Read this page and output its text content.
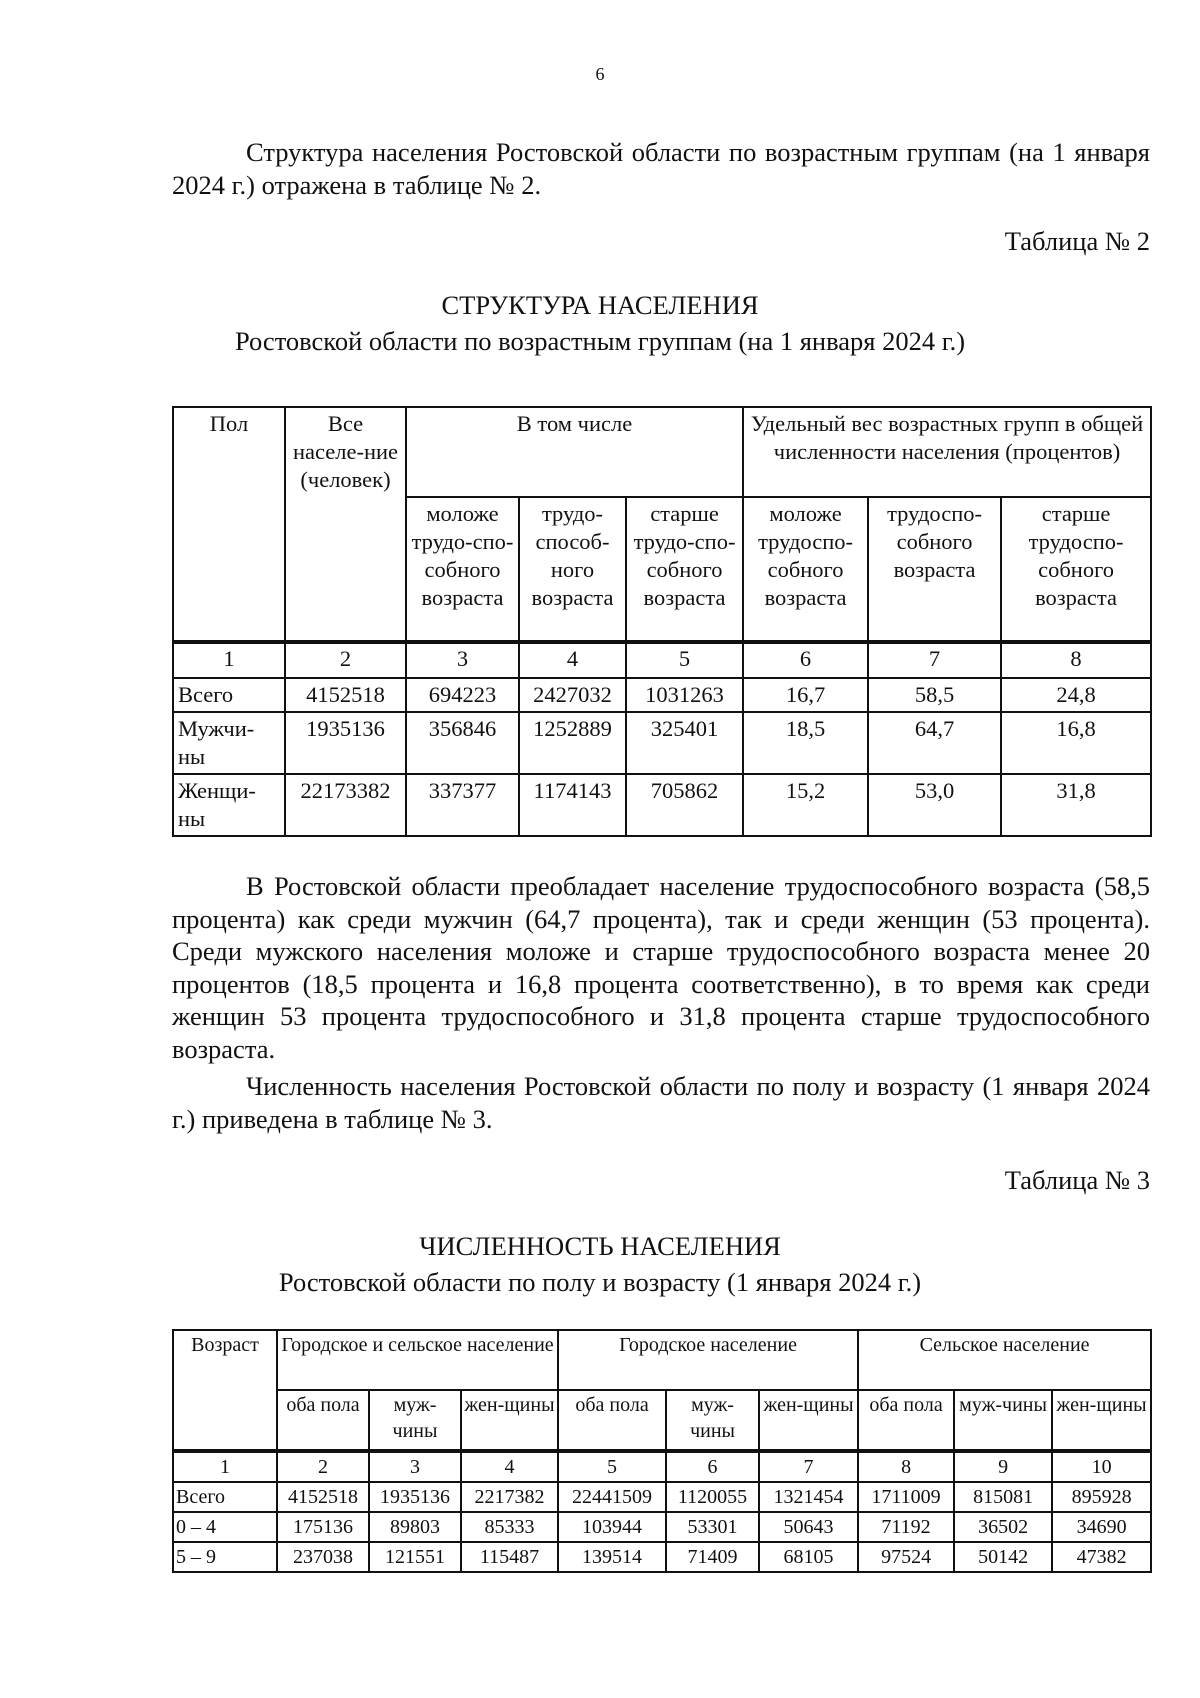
6

Структура населения Ростовской области по возрастным группам (на 1 января 2024 г.) отражена в таблице № 2.

Таблица № 2
СТРУКТУРА НАСЕЛЕНИЯ
Ростовской области по возрастным группам (на 1 января 2024 г.)
Пол	Все населе-ние (человек)	В том числе			Удельный вес возрастных групп в общей численности населения (процентов)		
		моложе трудо-спо-собного возраста	трудо-способ-ного возраста	старше трудо-спо-собного возраста	моложе трудоспо-собного возраста	трудоспо-собного возраста	старше трудоспо-собного возраста
1	2	3	4	5	6	7	8
Всего	4152518	694223	2427032	1031263	16,7	58,5	24,8
Мужчи-ны	1935136	356846	1252889	325401	18,5	64,7	16,8
Женщи-ны	22173382	337377	1174143	705862	15,2	53,0	31,8

В Ростовской области преобладает население трудоспособного возраста (58,5 процента) как среди мужчин (64,7 процента), так и среди женщин (53 процента). Среди мужского населения моложе и старше трудоспособного возраста менее 20 процентов (18,5 процента и 16,8 процента соответственно), в то время как среди женщин 53 процента трудоспособного и 31,8 процента старше трудоспособного возраста.

Численность населения Ростовской области по полу и возрасту (1 января 2024 г.) приведена в таблице № 3.

Таблица № 3
ЧИСЛЕННОСТЬ НАСЕЛЕНИЯ
Ростовской области по полу и возрасту (1 января 2024 г.)
Возраст	Городское и сельское население			Городское население			Сельское население		
	оба пола	муж-чины	жен-щины	оба пола	муж-чины	жен-щины	оба пола	муж-чины	жен-щины
1	2	3	4	5	6	7	8	9	10
Всего	4152518	1935136	2217382	22441509	1120055	1321454	1711009	815081	895928
0 – 4	175136	89803	85333	103944	53301	50643	71192	36502	34690
5 – 9	237038	121551	115487	139514	71409	68105	97524	50142	47382
